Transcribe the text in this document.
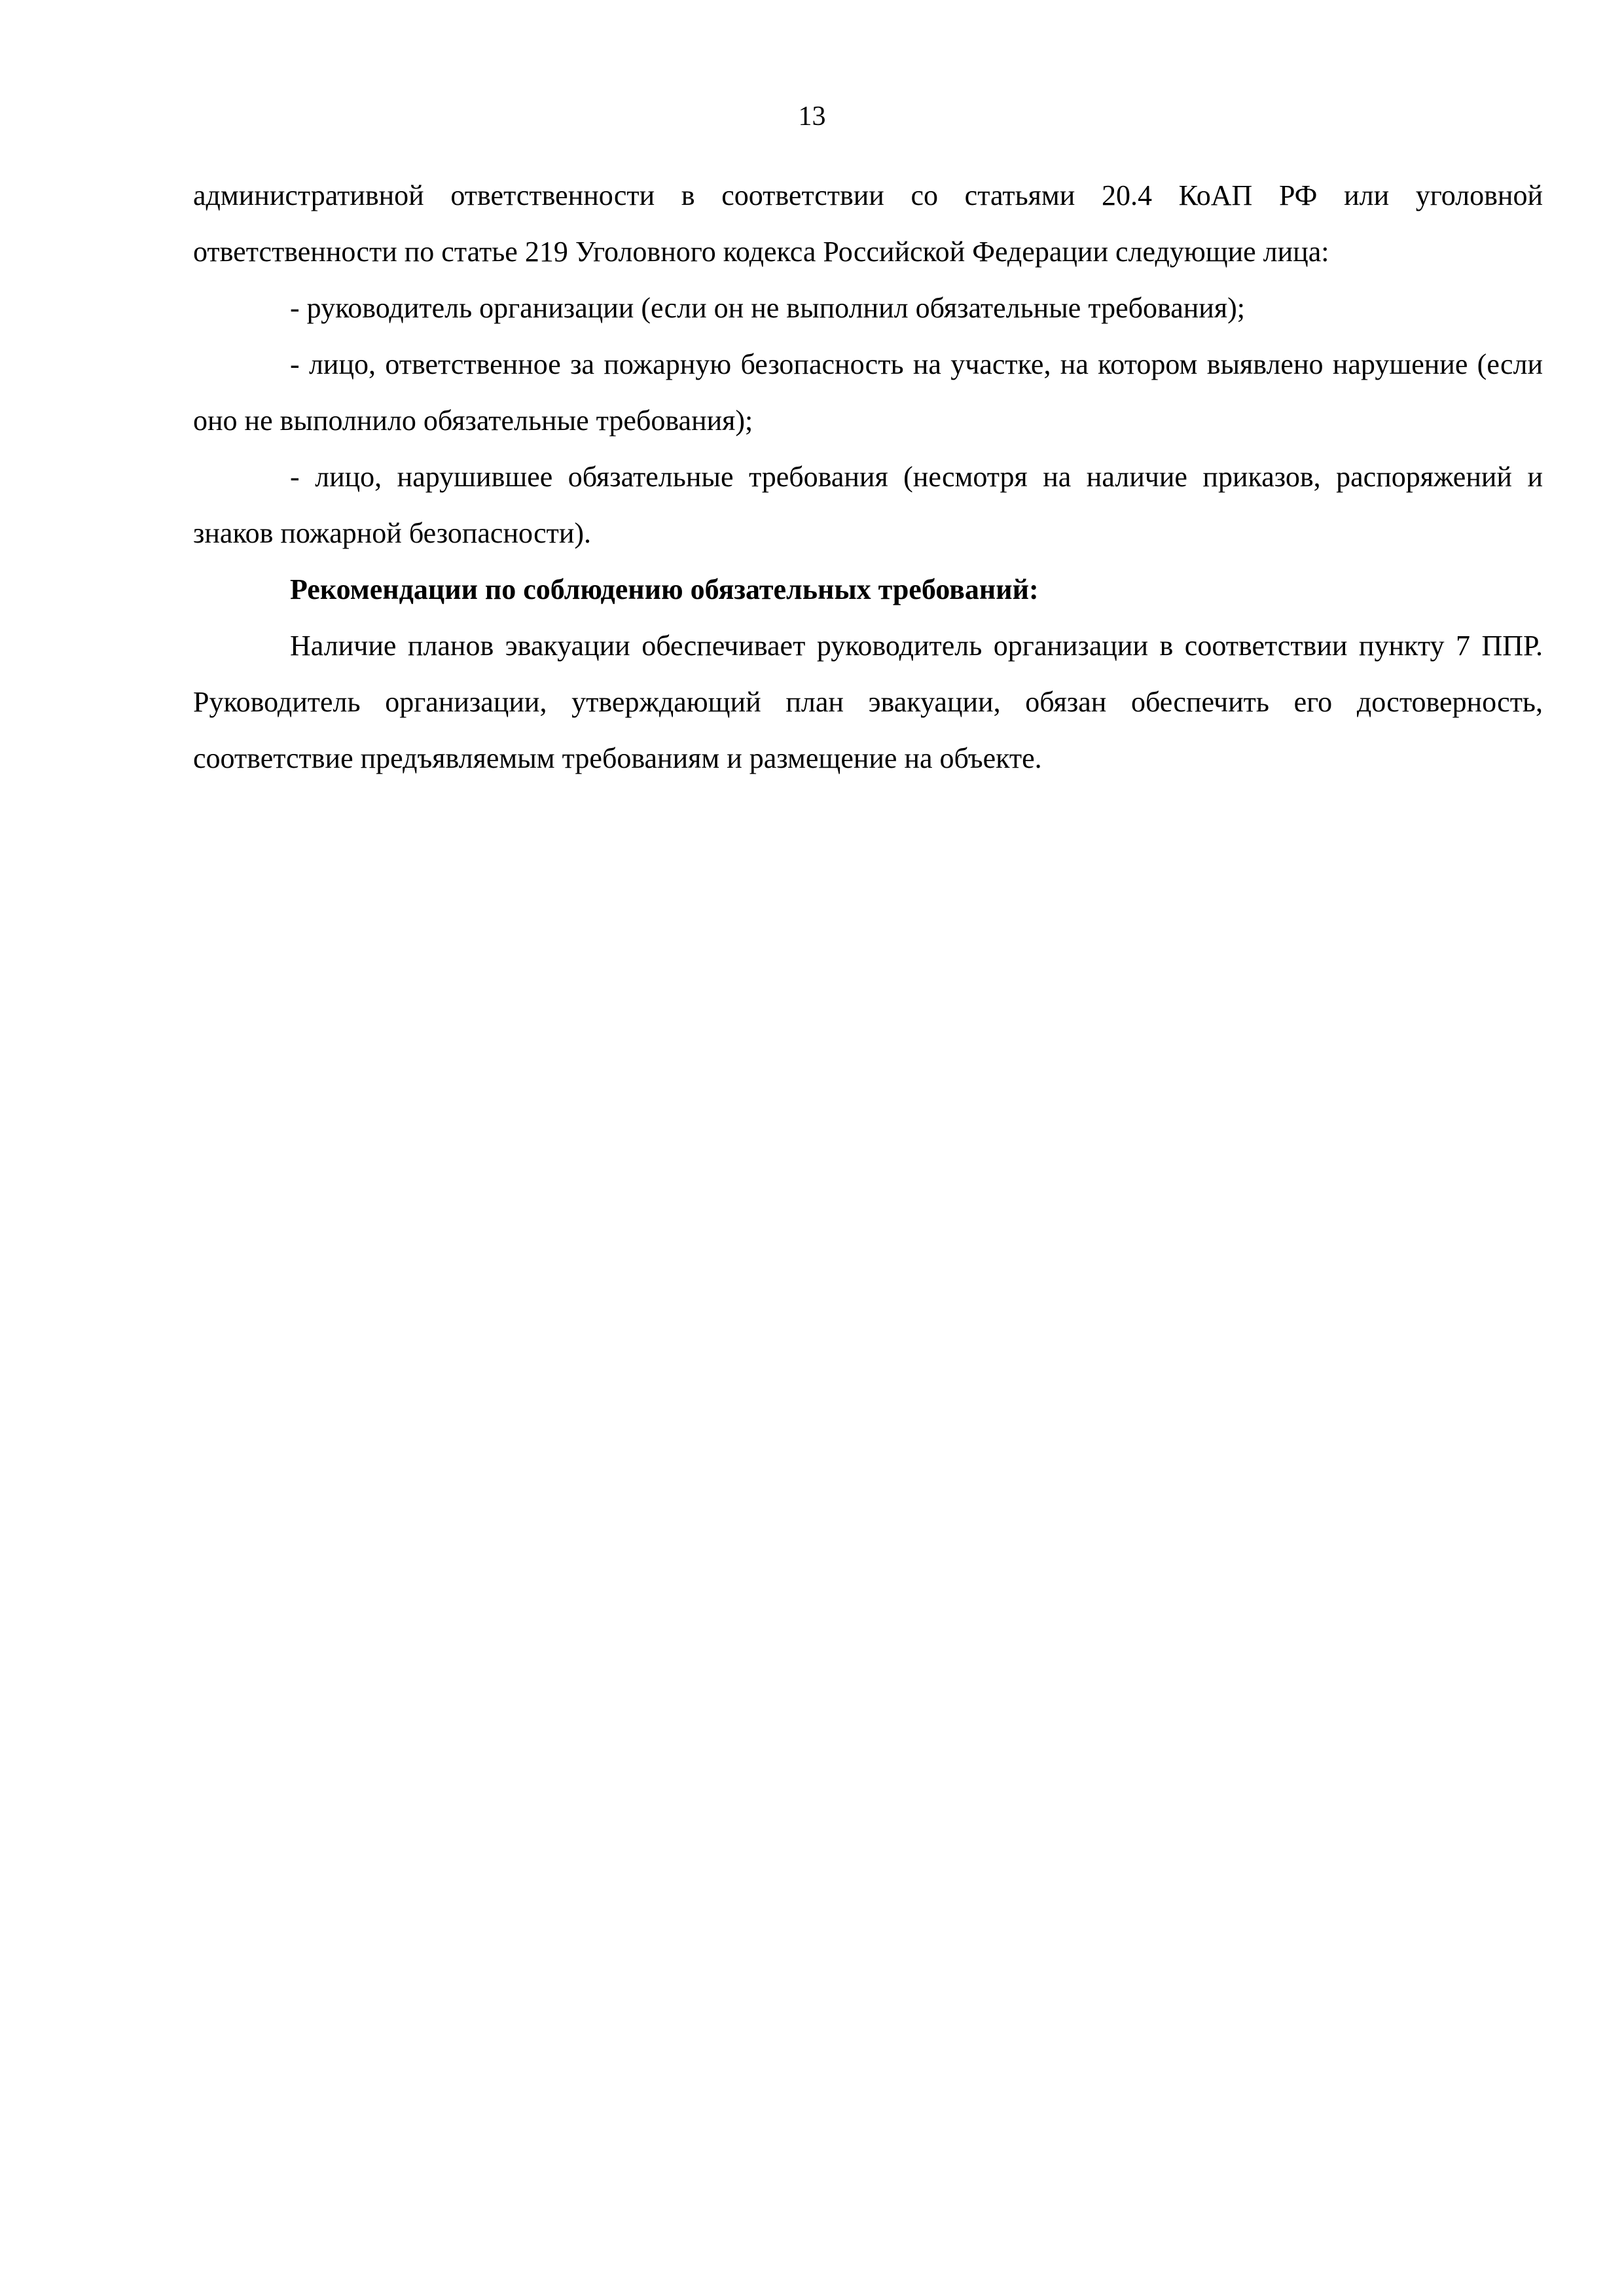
13

административной ответственности в соответствии со статьями 20.4 КоАП РФ или уголовной ответственности по статье 219 Уголовного кодекса Российской Федерации следующие лица:

- руководитель организации (если он не выполнил обязательные требования);

- лицо, ответственное за пожарную безопасность на участке, на котором выявлено нарушение (если оно не выполнило обязательные требования);

- лицо, нарушившее обязательные требования (несмотря на наличие приказов, распоряжений и знаков пожарной безопасности).

Рекомендации по соблюдению обязательных требований:

Наличие планов эвакуации обеспечивает руководитель организации в соответствии пункту 7 ППР. Руководитель организации, утверждающий план эвакуации, обязан обеспечить его достоверность, соответствие предъявляемым требованиям и размещение на объекте.
